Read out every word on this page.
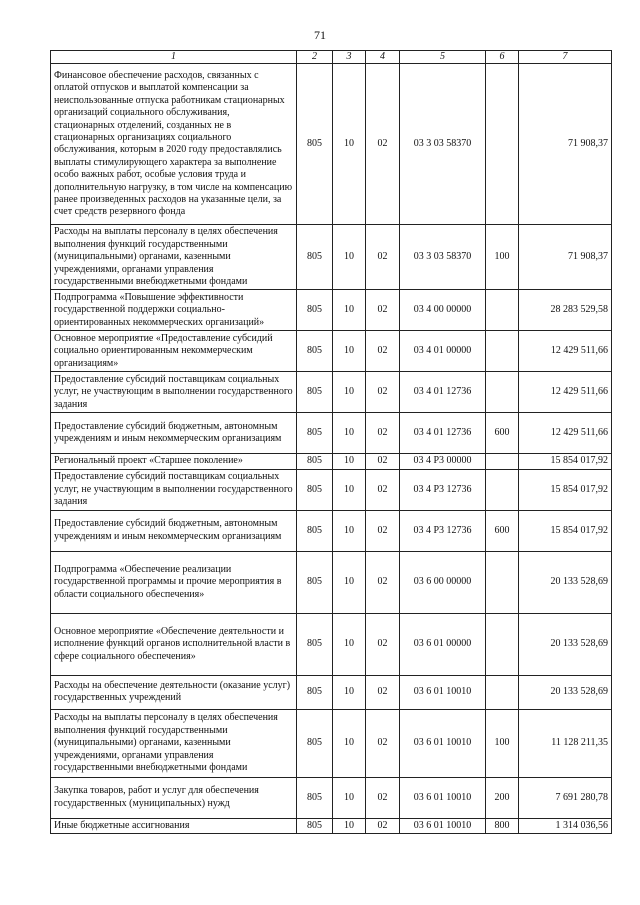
71
1	2	3	4	5	6	7
Финансовое обеспечение расходов, связанных с оплатой отпусков и выплатой компенсации за неиспользованные отпуска работникам стационарных организаций социального обслуживания, стационарных отделений, созданных не в стационарных организациях социального обслуживания, которым в 2020 году предоставлялись выплаты стимулирующего характера за выполнение особо важных работ, особые условия труда и дополнительную нагрузку, в том числе на компенсацию ранее произведенных расходов на указанные цели, за счет средств резервного фонда	805	10	02	03 3 03 58370		71 908,37
Расходы на выплаты персоналу в целях обеспечения выполнения функций государственными (муниципальными) органами, казенными учреждениями, органами управления государственными внебюджетными фондами	805	10	02	03 3 03 58370	100	71 908,37
Подпрограмма «Повышение эффективности государственной поддержки социально-ориентированных некоммерческих организаций»	805	10	02	03 4 00 00000		28 283 529,58
Основное мероприятие «Предоставление субсидий социально ориентированным некоммерческим организациям»	805	10	02	03 4 01 00000		12 429 511,66
Предоставление субсидий поставщикам социальных услуг, не участвующим в выполнении государственного задания	805	10	02	03 4 01 12736		12 429 511,66
Предоставление субсидий бюджетным, автономным учреждениям и иным некоммерческим организациям	805	10	02	03 4 01 12736	600	12 429 511,66
Региональный проект «Старшее поколение»	805	10	02	03 4 P3 00000		15 854 017,92
Предоставление субсидий поставщикам социальных услуг, не участвующим в выполнении государственного задания	805	10	02	03 4 P3 12736		15 854 017,92
Предоставление субсидий бюджетным, автономным учреждениям и иным некоммерческим организациям	805	10	02	03 4 P3 12736	600	15 854 017,92
Подпрограмма «Обеспечение реализации государственной программы и прочие мероприятия в области социального обеспечения»	805	10	02	03 6 00 00000		20 133 528,69
Основное мероприятие «Обеспечение деятельности и исполнение функций органов исполнительной власти в сфере социального обеспечения»	805	10	02	03 6 01 00000		20 133 528,69
Расходы на обеспечение деятельности (оказание услуг) государственных учреждений	805	10	02	03 6 01 10010		20 133 528,69
Расходы на выплаты персоналу в целях обеспечения выполнения функций государственными (муниципальными) органами, казенными учреждениями, органами управления государственными внебюджетными фондами	805	10	02	03 6 01 10010	100	11 128 211,35
Закупка товаров, работ и услуг для обеспечения государственных (муниципальных) нужд	805	10	02	03 6 01 10010	200	7 691 280,78
Иные бюджетные ассигнования	805	10	02	03 6 01 10010	800	1 314 036,56
